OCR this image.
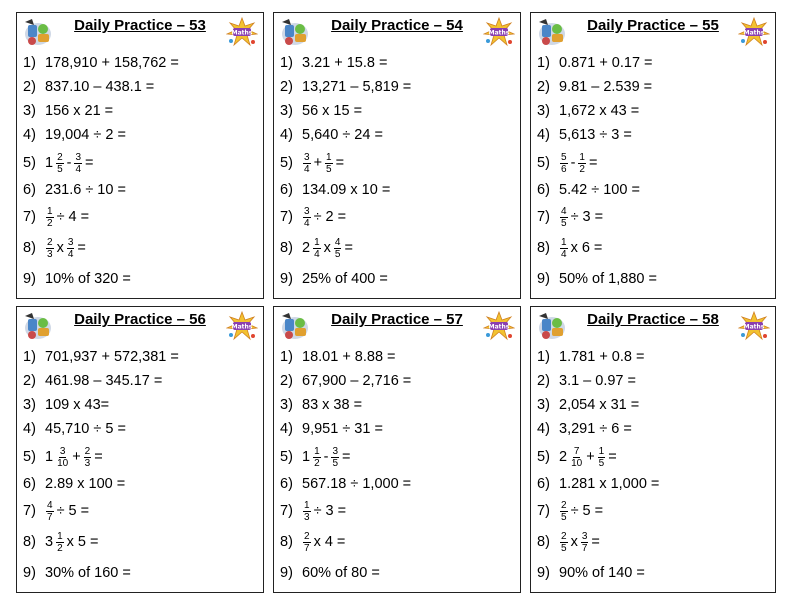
Daily Practice – 53
1) 178,910 + 158,762 =
2) 837.10 – 438.1 =
3) 156 x 21 =
4) 19,004 ÷ 2 =
5) $1 \frac{2}{5} - \frac{3}{4}$ =
6) 231.6 ÷ 10 =
7)	$\frac{1}{2} \div 4$ =
8)	$\frac{2}{3}$ x $\frac{3}{4}$ =
9) 10% of 320 =
Daily Practice – 54
1) 3.21 + 15.8 =
2) 13,271 – 5,819 =
3) 56 x 15 =
4) 5,640 ÷ 24 =
5)	$\frac{3}{4} + \frac{1}{5}$ =
6) 134.09 x 10 =
7)	$\frac{3}{4} \div 2$ =
8) $2 \frac{1}{4}$ x $\frac{4}{5}$ =
9) 25% of 400 =
Daily Practice – 55
1) 0.871 + 0.17 =
2) 9.81 – 2.539 =
3) 1,672 x 43 =
4) 5,613 ÷ 3 =
5)	$\frac{5}{6} - \frac{1}{2}$ =
6) 5.42 ÷ 100 =
7)	$\frac{4}{5} \div 3$ =
8)	$\frac{1}{4}$ x 6 =
9) 50% of 1,880 =
Daily Practice – 56
1) 701,937 + 572,381 =
2) 461.98 – 345.17 =
3) 109 x 43=
4) 45,710 ÷ 5 =
5) $1 \frac{3}{10} + \frac{2}{3}$ =
6) 2.89 x 100 =
7)	$\frac{4}{7} \div 5$ =
8) $3 \frac{1}{2}$ x 5 =
9) 30% of 160 =
Daily Practice – 57
1) 18.01 + 8.88 =
2) 67,900 – 2,716 =
3) 83 x 38 =
4) 9,951 ÷ 31 =
5) $1 \frac{1}{2} - \frac{3}{5}$ =
6) 567.18 ÷ 1,000 =
7)	$\frac{1}{3} \div 3$ =
8)	$\frac{2}{7}$ x 4 =
9) 60% of 80 =
Daily Practice – 58
1) 1.781 + 0.8 =
2) 3.1 – 0.97 =
3) 2,054 x 31 =
4) 3,291 ÷ 6 =
5) $2 \frac{7}{10} + \frac{1}{5}$ =
6) 1.281 x 1,000 =
7)	$\frac{2}{5} \div 5$ =
8)	$\frac{2}{5}$ x $\frac{3}{7}$ =
9) 90% of 140 =
